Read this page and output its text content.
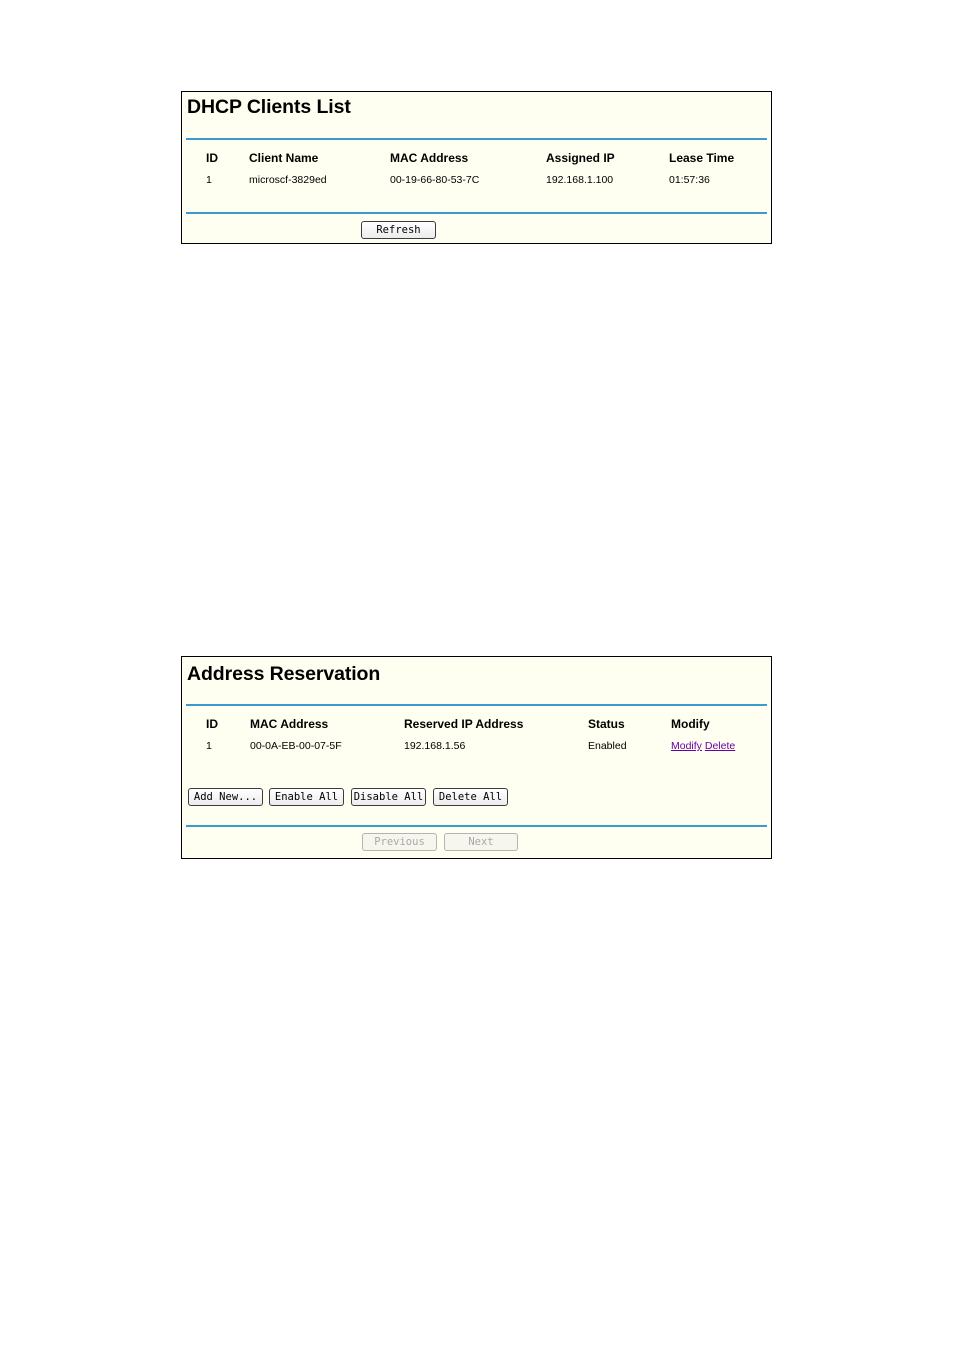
DHCP Clients List
ID	Client Name	MAC Address	Assigned IP	Lease Time
1	microscf-3829ed	00-19-66-80-53-7C	192.168.1.100	01:57:36
Refresh
Address Reservation
ID	MAC Address	Reserved IP Address	Status	Modify
1	00-0A-EB-00-07-5F	192.168.1.56	Enabled	Modify Delete
Add New...	Enable All	Disable All	Delete All
Previous	Next
